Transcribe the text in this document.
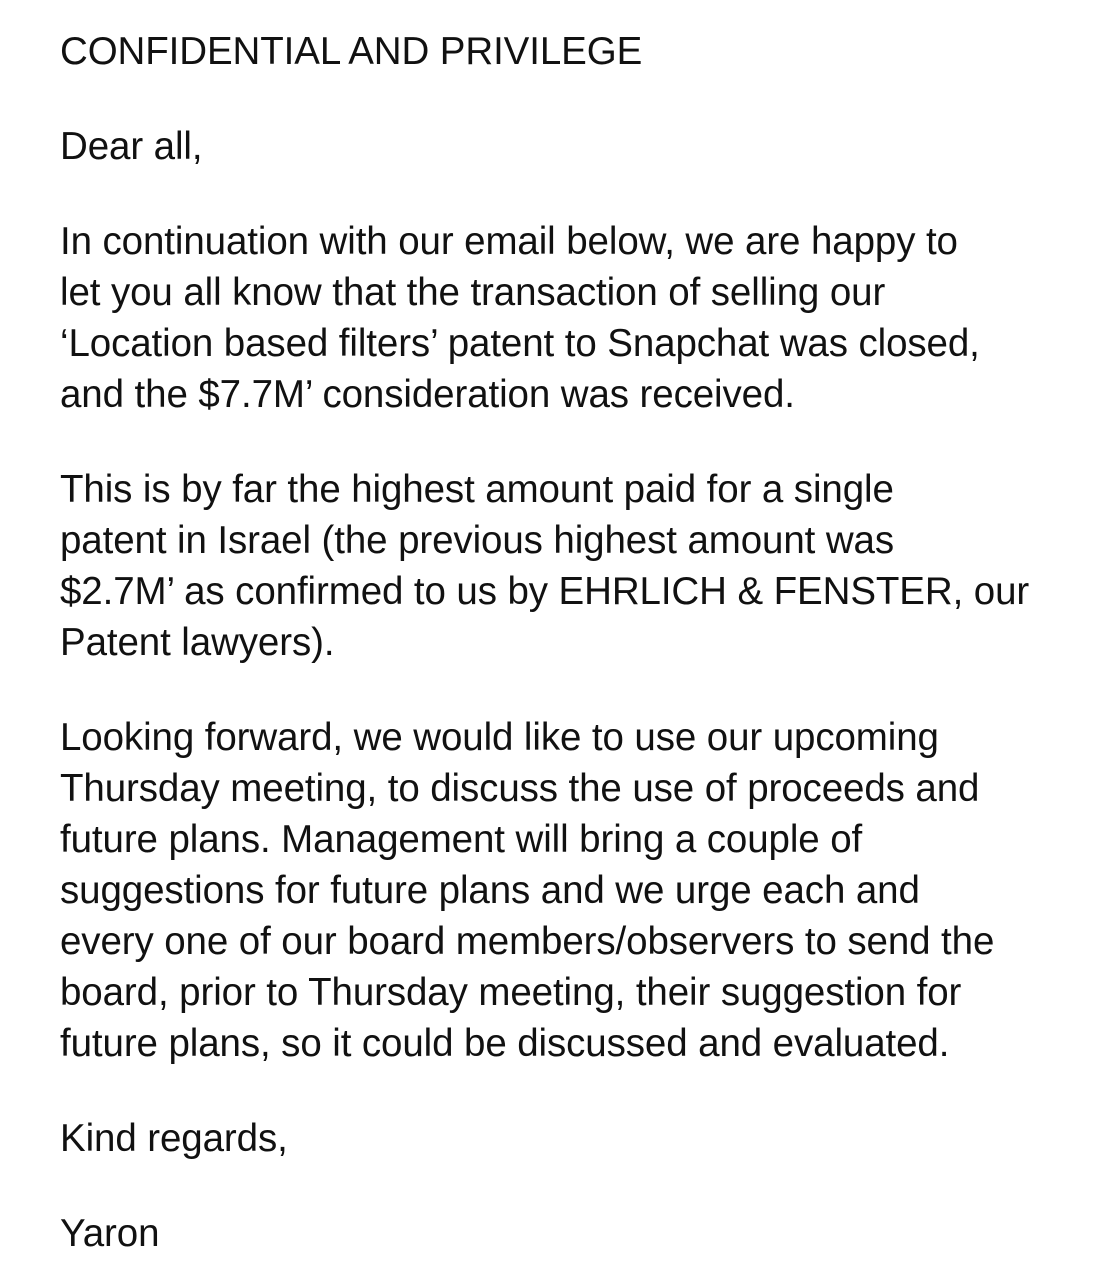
CONFIDENTIAL AND PRIVILEGE

Dear all,

In continuation with our email below, we are happy to
let you all know that the transaction of selling our
‘Location based filters’ patent to Snapchat was closed,
and the $7.7M’ consideration was received.

This is by far the highest amount paid for a single
patent in Israel (the previous highest amount was
$2.7M’ as confirmed to us by EHRLICH & FENSTER, our
Patent lawyers).

Looking forward, we would like to use our upcoming
Thursday meeting, to discuss the use of proceeds and
future plans. Management will bring a couple of
suggestions for future plans and we urge each and
every one of our board members/observers to send the
board, prior to Thursday meeting, their suggestion for
future plans, so it could be discussed and evaluated.

Kind regards,

Yaron
